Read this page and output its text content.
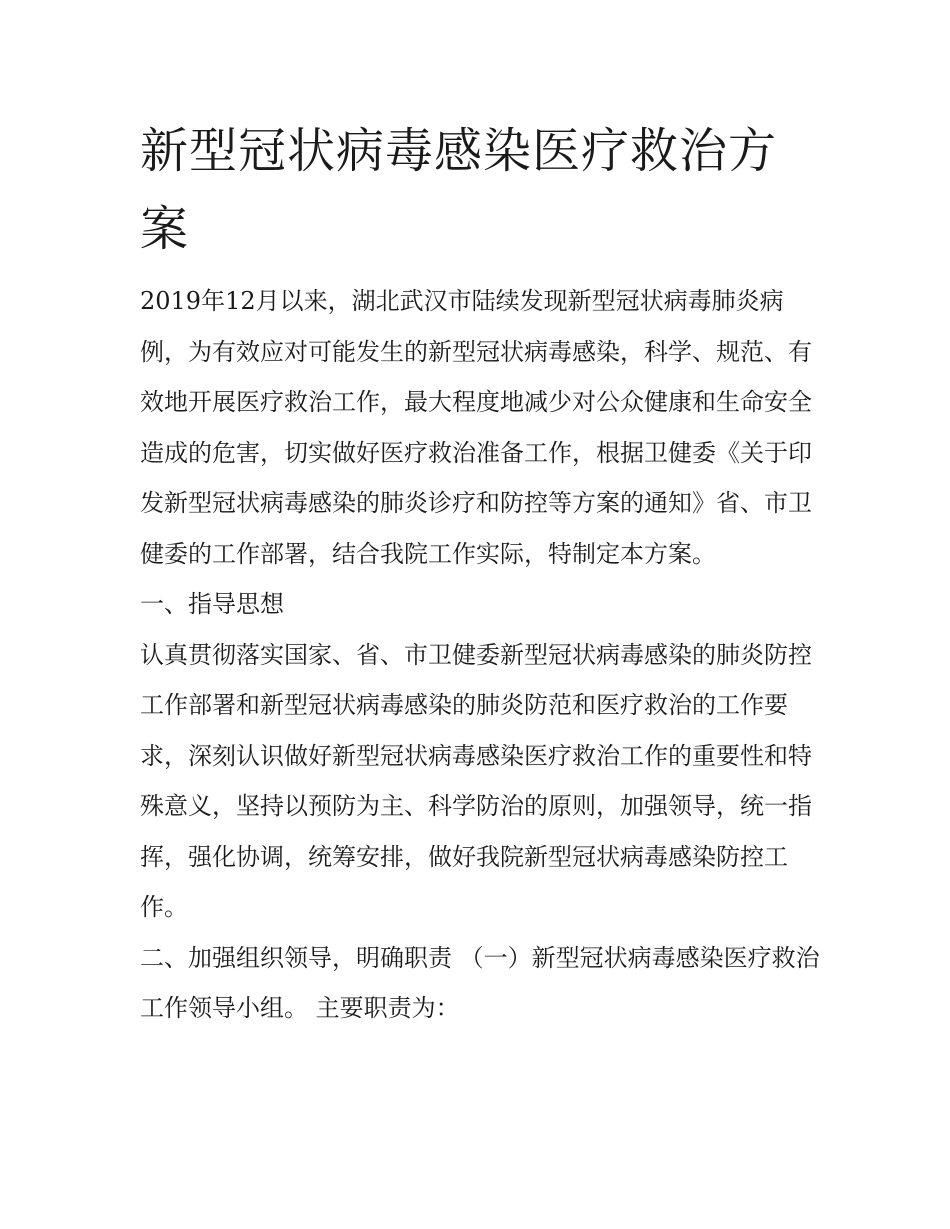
新型冠状病毒感染医疗救治方案

2019年12月以来，湖北武汉市陆续发现新型冠状病毒肺炎病例，为有效应对可能发生的新型冠状病毒感染，科学、规范、有效地开展医疗救治工作，最大程度地减少对公众健康和生命安全造成的危害，切实做好医疗救治准备工作，根据卫健委《关于印发新型冠状病毒感染的肺炎诊疗和防控等方案的通知》省、市卫健委的工作部署，结合我院工作实际，特制定本方案。

一、指导思想

认真贯彻落实国家、省、市卫健委新型冠状病毒感染的肺炎防控工作部署和新型冠状病毒感染的肺炎防范和医疗救治的工作要求，深刻认识做好新型冠状病毒感染医疗救治工作的重要性和特殊意义，坚持以预防为主、科学防治的原则，加强领导，统一指挥，强化协调，统筹安排，做好我院新型冠状病毒感染防控工作。

二、加强组织领导，明确职责 （一）新型冠状病毒感染医疗救治工作领导小组。 主要职责为：
